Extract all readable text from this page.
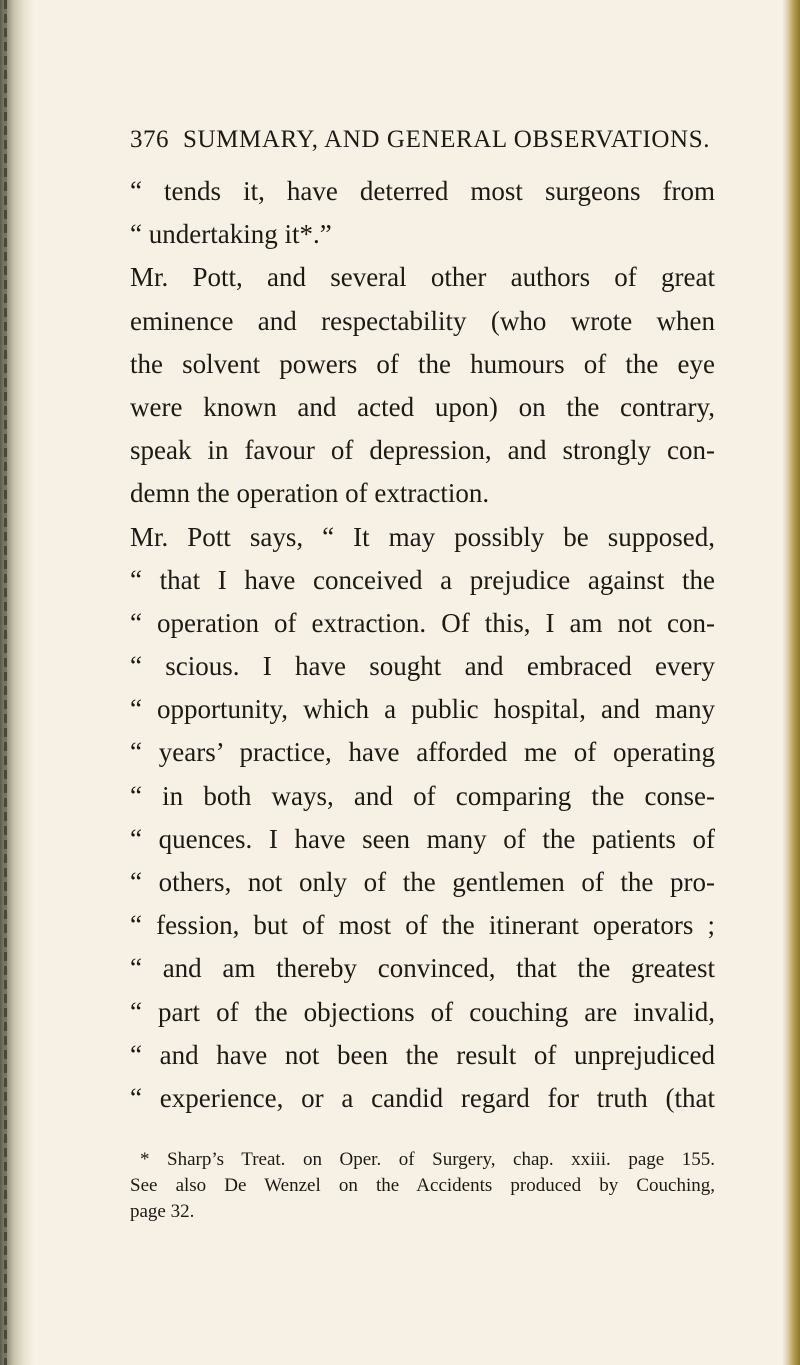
376 SUMMARY, AND GENERAL OBSERVATIONS.
“ tends it, have deterred most surgeons from
“ undertaking it*.”
Mr. Pott, and several other authors of great
eminence and respectability (who wrote when
the solvent powers of the humours of the eye
were known and acted upon) on the contrary,
speak in favour of depression, and strongly con-
demn the operation of extraction.
Mr. Pott says, “ It may possibly be supposed,
“ that I have conceived a prejudice against the
“ operation of extraction. Of this, I am not con-
“ scious. I have sought and embraced every
“ opportunity, which a public hospital, and many
“ years’ practice, have afforded me of operating
“ in both ways, and of comparing the conse-
“ quences. I have seen many of the patients of
“ others, not only of the gentlemen of the pro-
“ fession, but of most of the itinerant operators ;
“ and am thereby convinced, that the greatest
“ part of the objections of couching are invalid,
“ and have not been the result of unprejudiced
“ experience, or a candid regard for truth (that
* Sharp’s Treat. on Oper. of Surgery, chap. xxiii. page 155.
See also De Wenzel on the Accidents produced by Couching,
page 32.
